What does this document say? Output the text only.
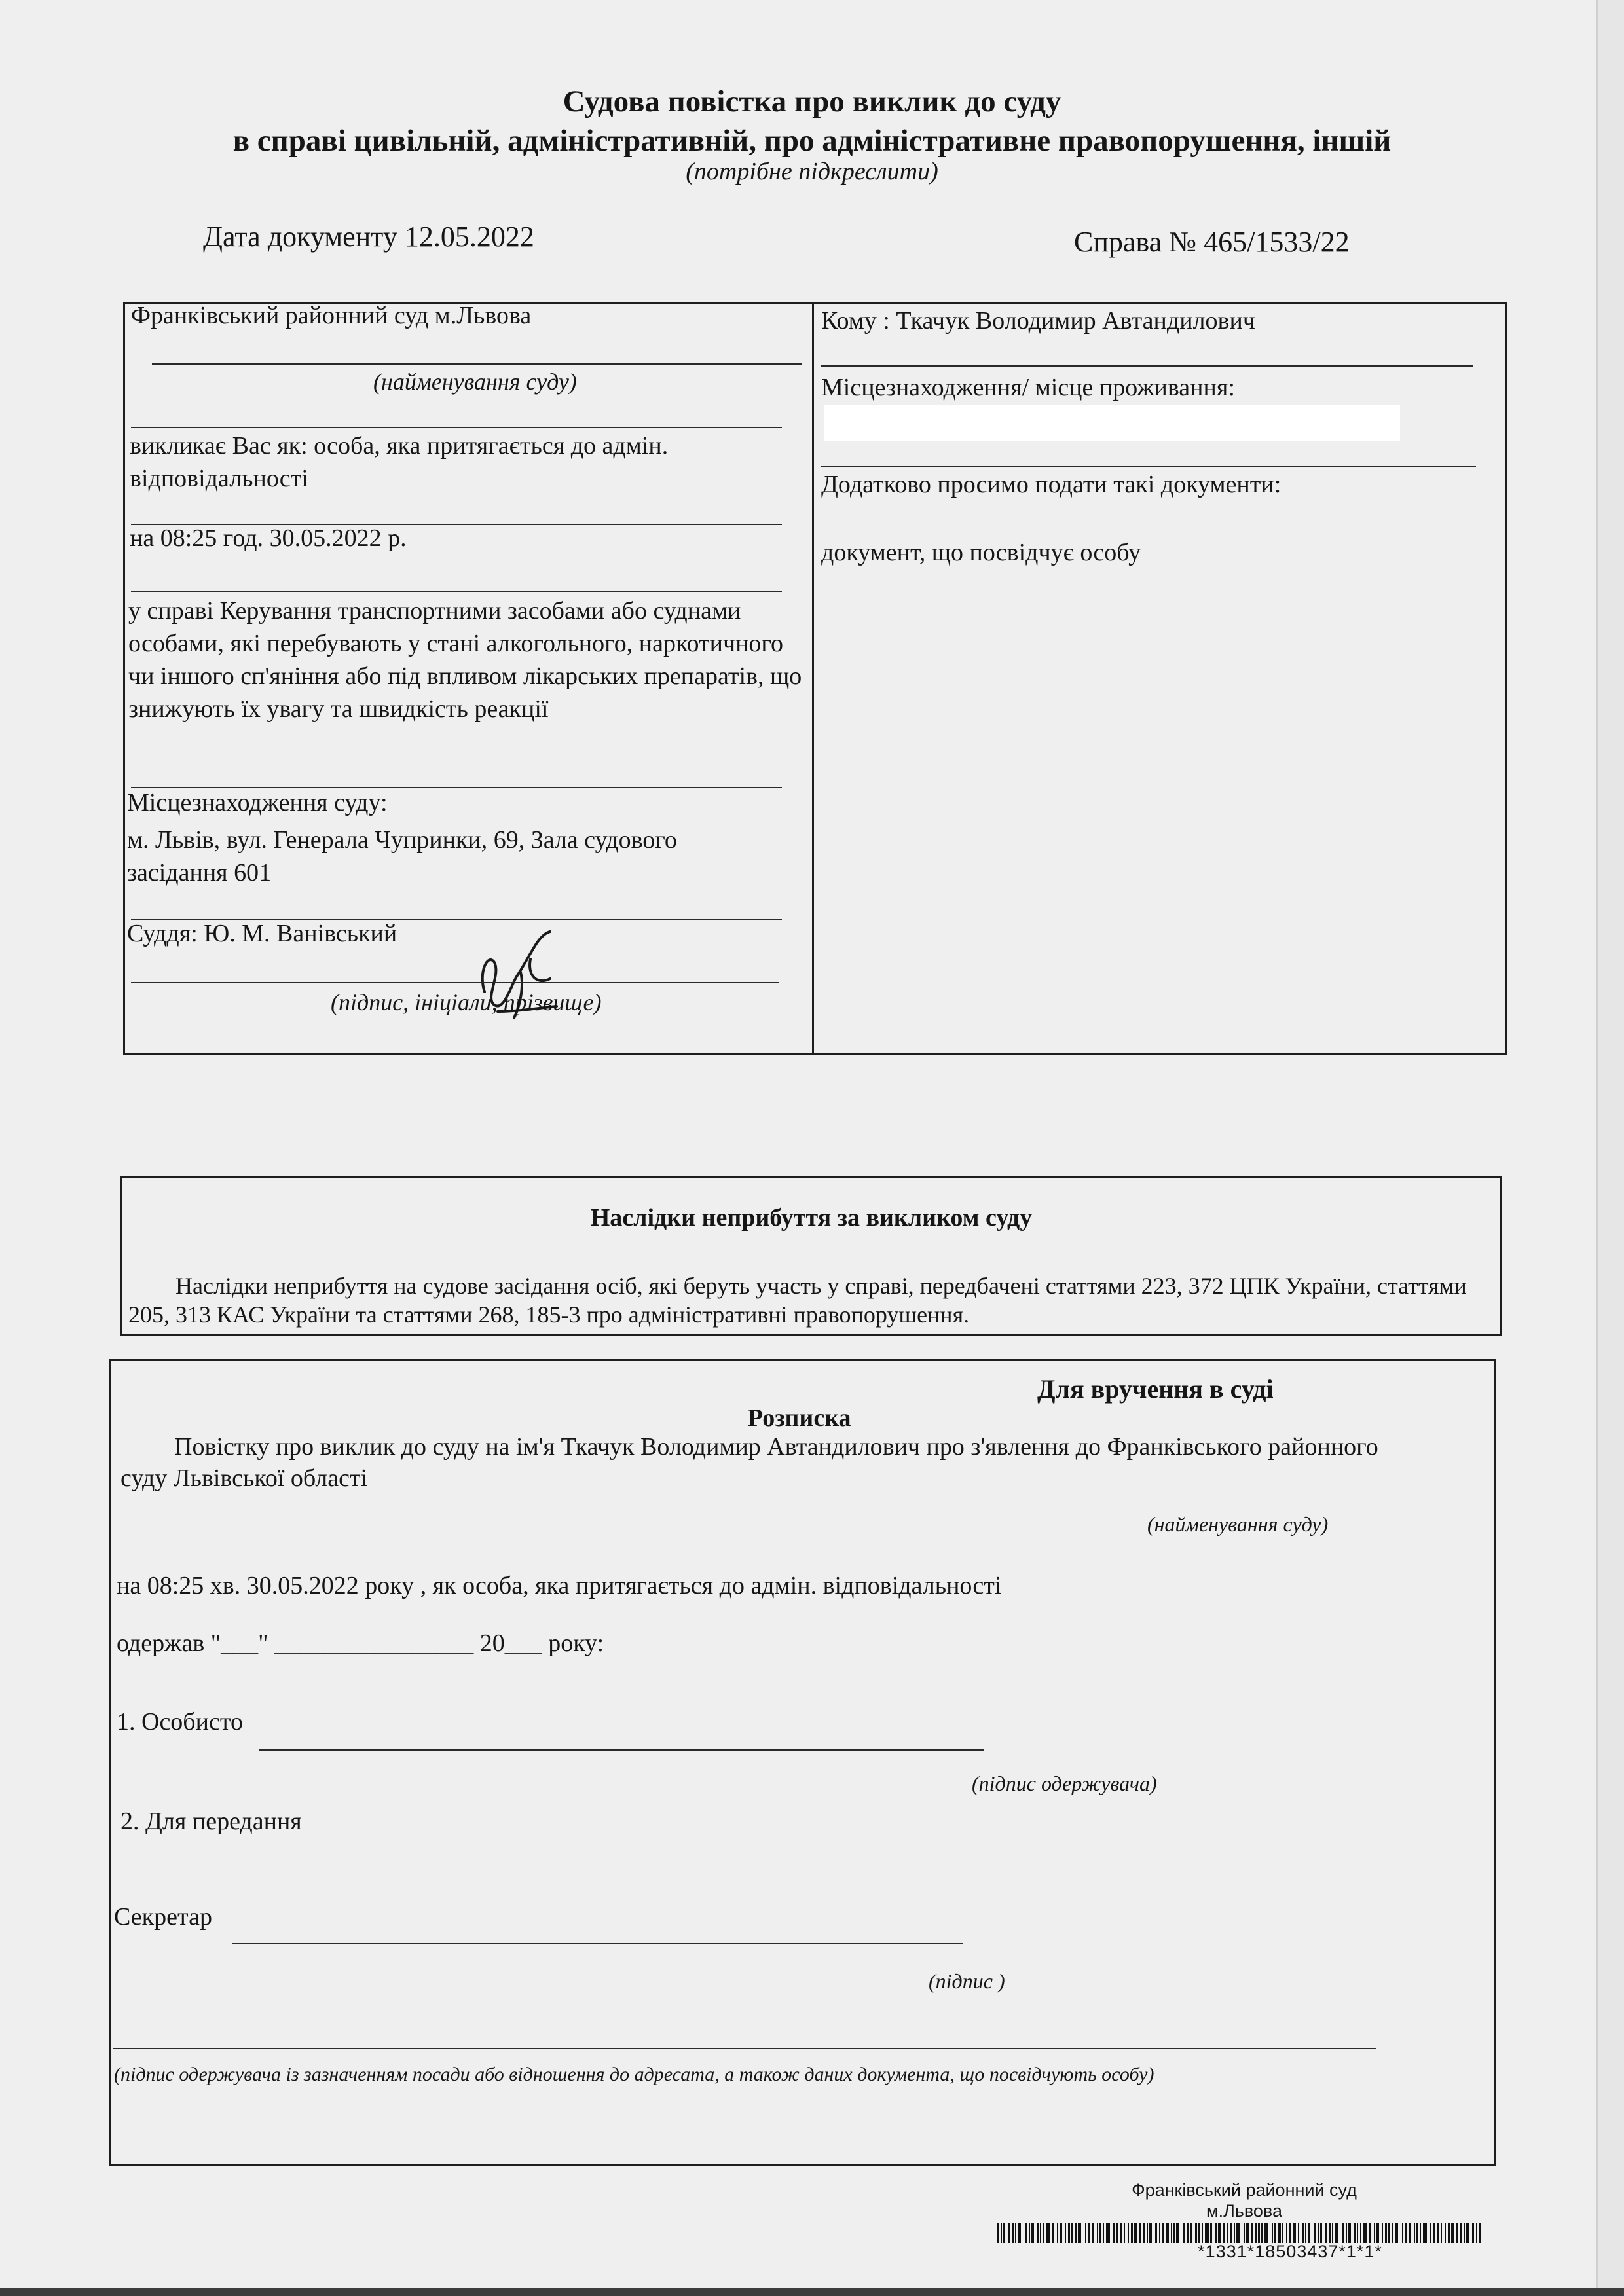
Судова повістка про виклик до суду
в справі цивільній, адміністративній, про адміністративне правопорушення, іншій
(потрібне підкреслити)
Дата документу 12.05.2022	Справа № 465/1533/22
Франківський районний суд м.Львова
(найменування суду)
викликає Вас як: особа, яка притягається до адмін. відповідальності
на 08:25 год. 30.05.2022 р.
у справі Керування транспортними засобами або суднами особами, які перебувають у стані алкогольного, наркотичного чи іншого сп'яніння або під впливом лікарських препаратів, що знижують їх увагу та швидкість реакції
Місцезнаходження суду:
м. Львів, вул. Генерала Чупринки, 69, Зала судового засідання 601
Суддя: Ю. М. Ванівський
(підпис, ініціали, прізвище)
Кому : Ткачук Володимир Автандилович
Місцезнаходження/ місце проживання:
Додатково просимо подати такі документи:
документ, що посвідчує особу
Наслідки неприбуття за викликом суду
Наслідки неприбуття на судове засідання осіб, які беруть участь у справі, передбачені статтями 223, 372 ЦПК України, статтями 205, 313 КАС України та статтями 268, 185-3 про адміністративні правопорушення.
Для вручення в суді
Розписка
Повістку про виклик до суду на ім'я Ткачук Володимир Автандилович про з'явлення до Франківського районного суду Львівської області
(найменування суду)
на 08:25 хв. 30.05.2022 року , як особа, яка притягається до адмін. відповідальності
одержав "___" ________________ 20___ року:
1. Особисто
(підпис одержувача)
2. Для передання
Секретар
(підпис )
(підпис одержувача із зазначенням посади або відношення до адресата, а також даних документа, що посвідчують особу)
Франківський районний суд
м.Львова
*1331*18503437*1*1*
